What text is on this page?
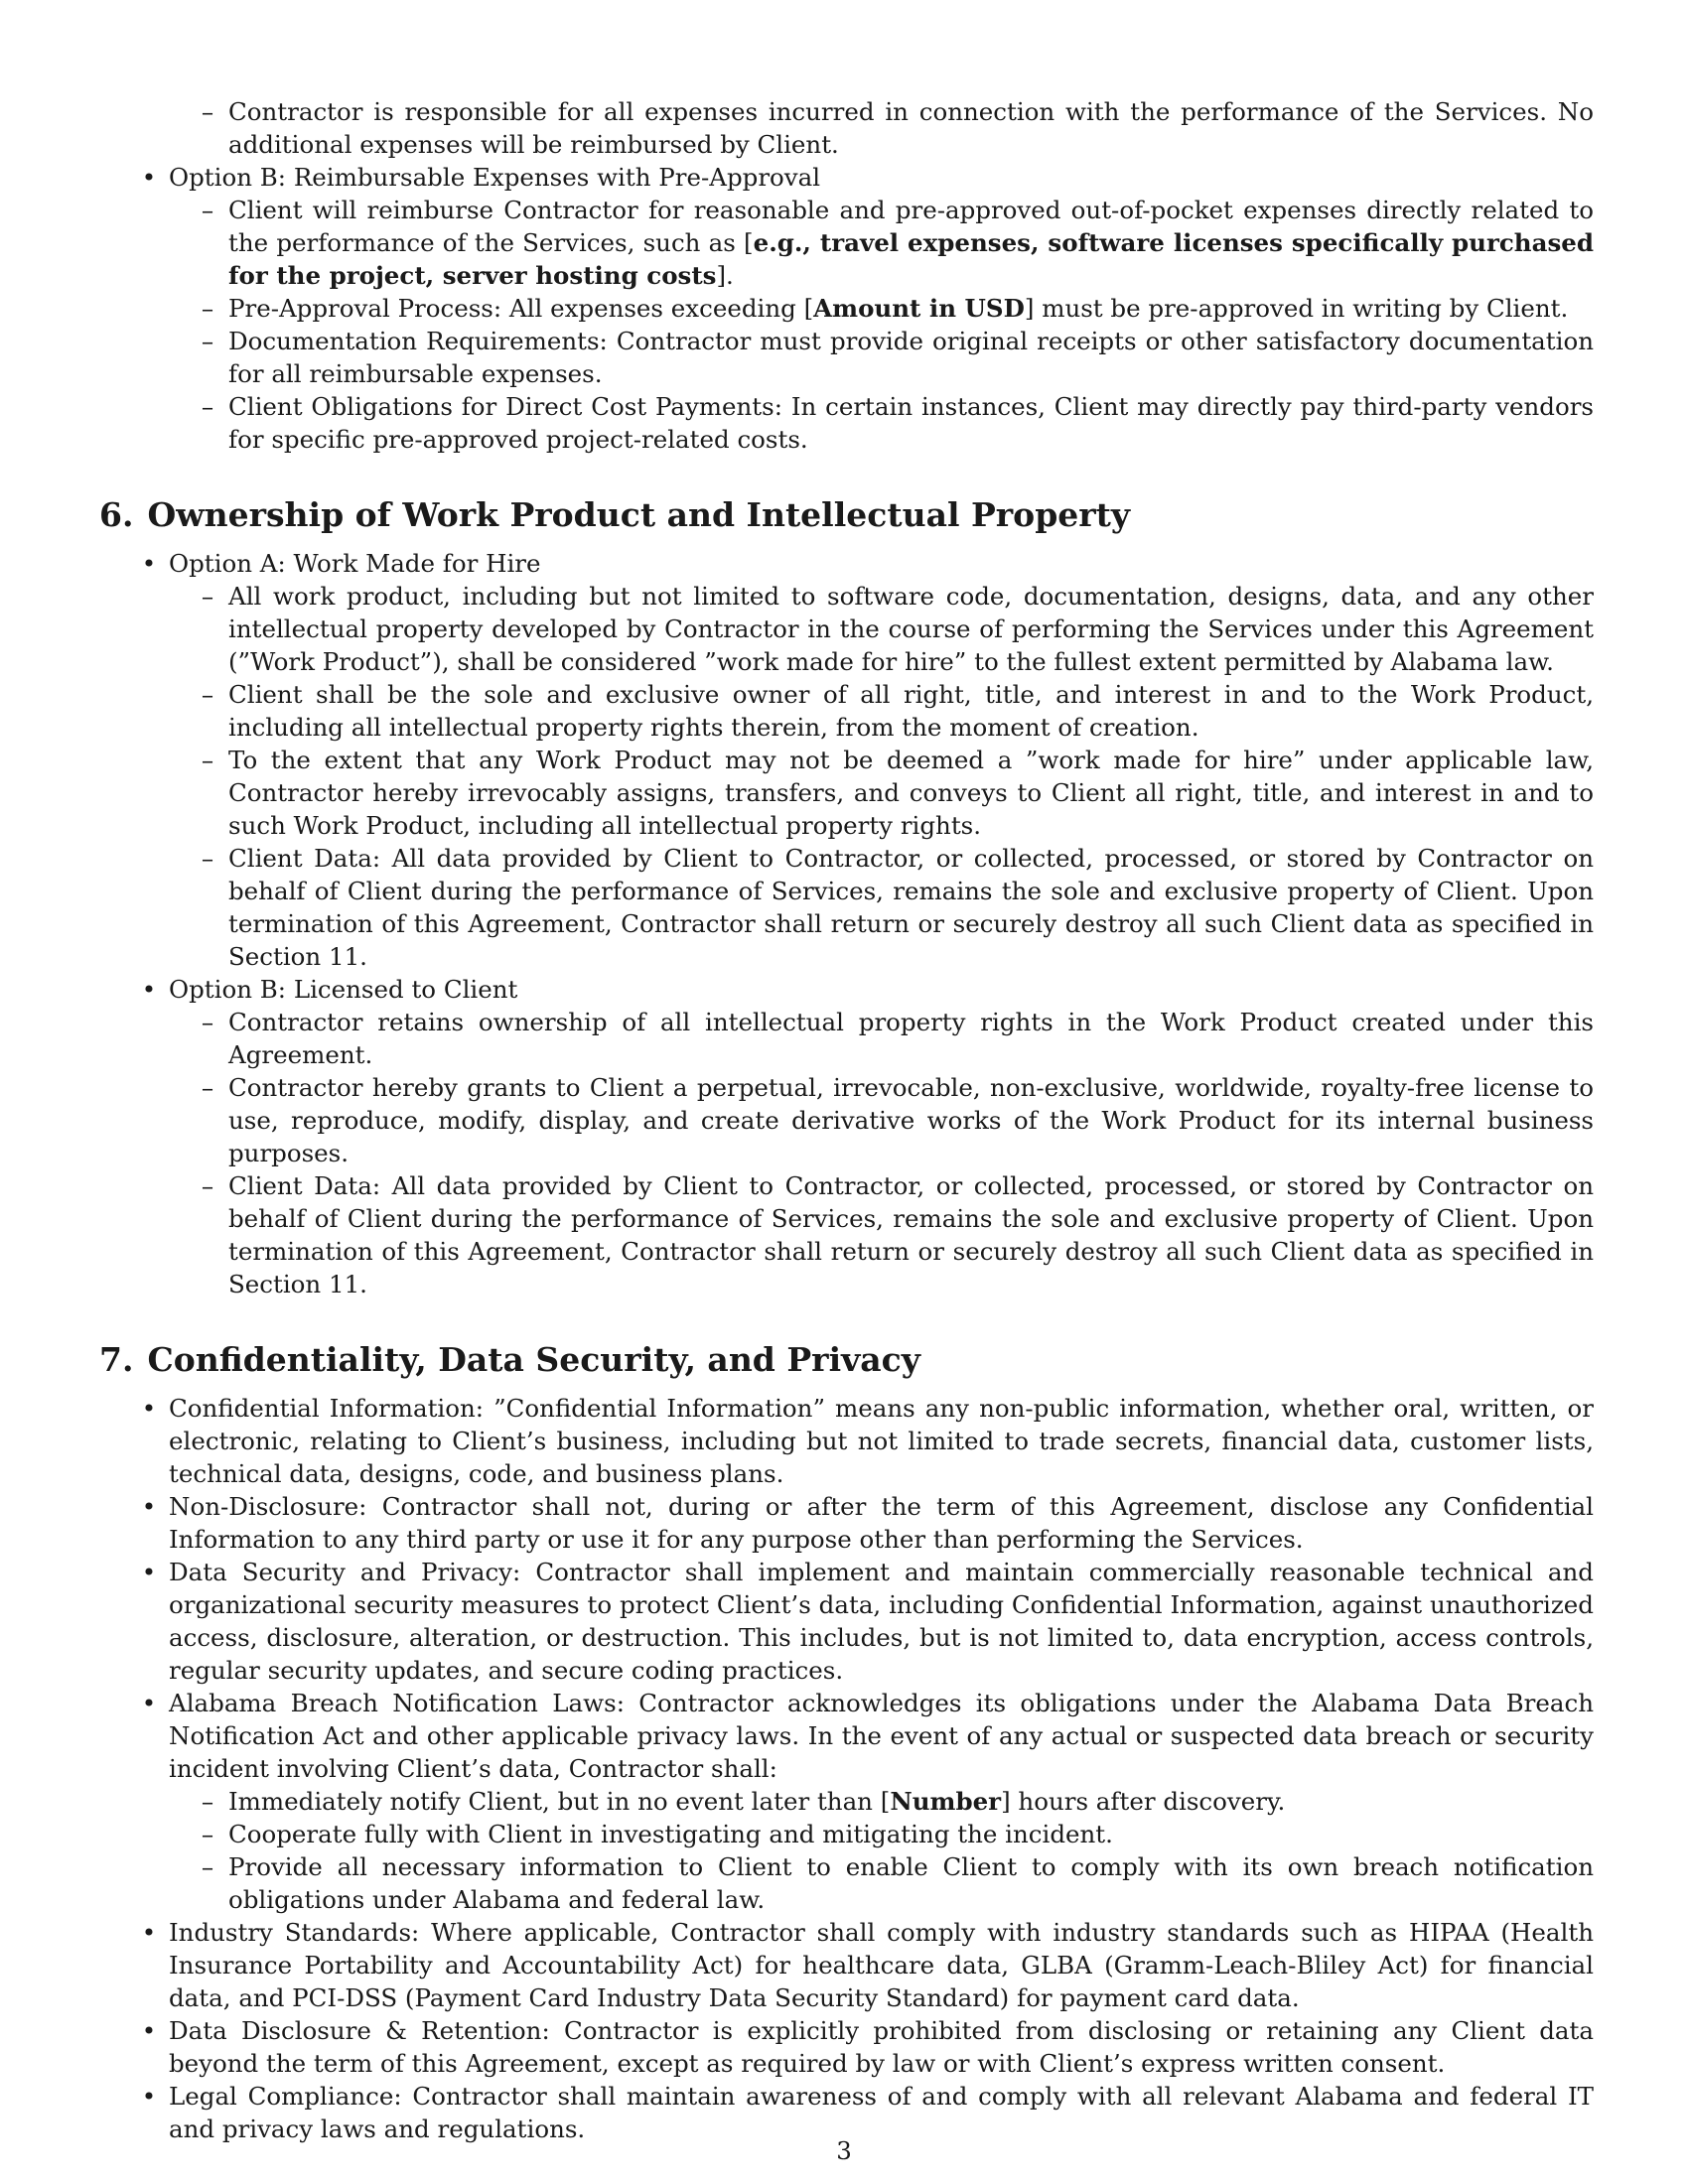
– Contractor is responsible for all expenses incurred in connection with the performance of the Services. No additional expenses will be reimbursed by Client.
• Option B: Reimbursable Expenses with Pre-Approval
– Client will reimburse Contractor for reasonable and pre-approved out-of-pocket expenses directly related to the performance of the Services, such as [e.g., travel expenses, software licenses specifically purchased for the project, server hosting costs].
– Pre-Approval Process: All expenses exceeding [Amount in USD] must be pre-approved in writing by Client.
– Documentation Requirements: Contractor must provide original receipts or other satisfactory documentation for all reimbursable expenses.
– Client Obligations for Direct Cost Payments: In certain instances, Client may directly pay third-party vendors for specific pre-approved project-related costs.
6. Ownership of Work Product and Intellectual Property
• Option A: Work Made for Hire
– All work product, including but not limited to software code, documentation, designs, data, and any other intellectual property developed by Contractor in the course of performing the Services under this Agreement (”Work Product”), shall be considered ”work made for hire” to the fullest extent permitted by Alabama law.
– Client shall be the sole and exclusive owner of all right, title, and interest in and to the Work Product, including all intellectual property rights therein, from the moment of creation.
– To the extent that any Work Product may not be deemed a ”work made for hire” under applicable law, Contractor hereby irrevocably assigns, transfers, and conveys to Client all right, title, and interest in and to such Work Product, including all intellectual property rights.
– Client Data: All data provided by Client to Contractor, or collected, processed, or stored by Contractor on behalf of Client during the performance of Services, remains the sole and exclusive property of Client. Upon termination of this Agreement, Contractor shall return or securely destroy all such Client data as specified in Section 11.
• Option B: Licensed to Client
– Contractor retains ownership of all intellectual property rights in the Work Product created under this Agreement.
– Contractor hereby grants to Client a perpetual, irrevocable, non-exclusive, worldwide, royalty-free license to use, reproduce, modify, display, and create derivative works of the Work Product for its internal business purposes.
– Client Data: All data provided by Client to Contractor, or collected, processed, or stored by Contractor on behalf of Client during the performance of Services, remains the sole and exclusive property of Client. Upon termination of this Agreement, Contractor shall return or securely destroy all such Client data as specified in Section 11.
7. Confidentiality, Data Security, and Privacy
• Confidential Information: ”Confidential Information” means any non-public information, whether oral, written, or electronic, relating to Client’s business, including but not limited to trade secrets, financial data, customer lists, technical data, designs, code, and business plans.
• Non-Disclosure: Contractor shall not, during or after the term of this Agreement, disclose any Confidential Information to any third party or use it for any purpose other than performing the Services.
• Data Security and Privacy: Contractor shall implement and maintain commercially reasonable technical and organizational security measures to protect Client’s data, including Confidential Information, against unauthorized access, disclosure, alteration, or destruction. This includes, but is not limited to, data encryption, access controls, regular security updates, and secure coding practices.
• Alabama Breach Notification Laws: Contractor acknowledges its obligations under the Alabama Data Breach Notification Act and other applicable privacy laws. In the event of any actual or suspected data breach or security incident involving Client’s data, Contractor shall:
– Immediately notify Client, but in no event later than [Number] hours after discovery.
– Cooperate fully with Client in investigating and mitigating the incident.
– Provide all necessary information to Client to enable Client to comply with its own breach notification obligations under Alabama and federal law.
• Industry Standards: Where applicable, Contractor shall comply with industry standards such as HIPAA (Health Insurance Portability and Accountability Act) for healthcare data, GLBA (Gramm-Leach-Bliley Act) for financial data, and PCI-DSS (Payment Card Industry Data Security Standard) for payment card data.
• Data Disclosure & Retention: Contractor is explicitly prohibited from disclosing or retaining any Client data beyond the term of this Agreement, except as required by law or with Client’s express written consent.
• Legal Compliance: Contractor shall maintain awareness of and comply with all relevant Alabama and federal IT and privacy laws and regulations.
3
